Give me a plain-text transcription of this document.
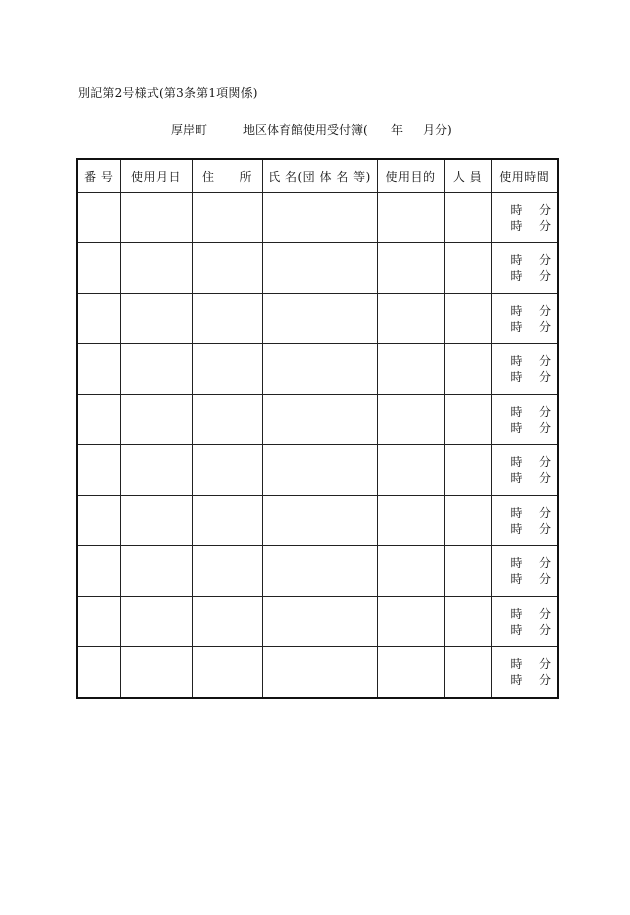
別記第2号様式(第3条第1項関係)
厚岸町	地区体育館使用受付簿( 年 月分)
番 号	使用月日	住　　所	氏 名(団 体 名 等)	使用目的	人 員	使用時間

						時 分
時 分

						時 分
時 分

						時 分
時 分

						時 分
時 分

						時 分
時 分

						時 分
時 分

						時 分
時 分

						時 分
時 分

						時 分
時 分

						時 分
時 分
